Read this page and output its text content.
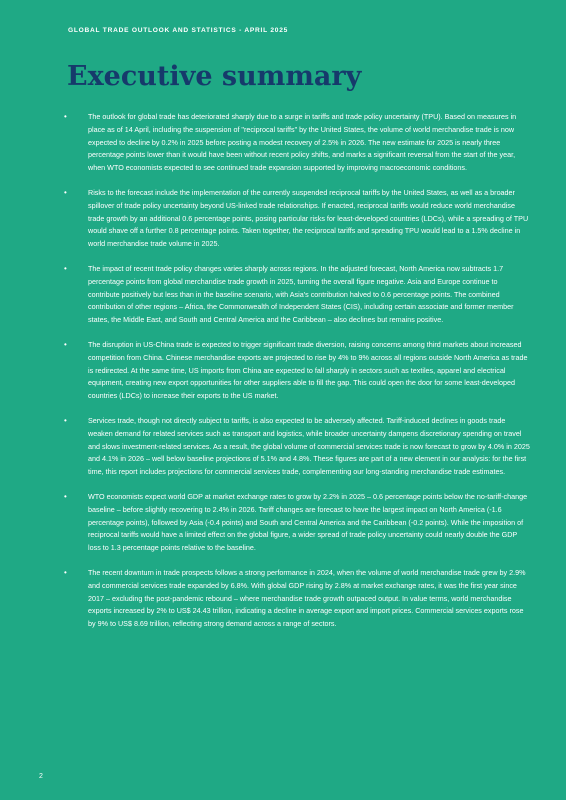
GLOBAL TRADE OUTLOOK AND STATISTICS - APRIL 2025
Executive summary
•	The outlook for global trade has deteriorated sharply due to a surge in tariffs and trade policy uncertainty (TPU). Based on measures in place as of 14 April, including the suspension of "reciprocal tariffs" by the United States, the volume of world merchandise trade is now expected to decline by 0.2% in 2025 before posting a modest recovery of 2.5% in 2026. The new estimate for 2025 is nearly three percentage points lower than it would have been without recent policy shifts, and marks a significant reversal from the start of the year, when WTO economists expected to see continued trade expansion supported by improving macroeconomic conditions.
•	Risks to the forecast include the implementation of the currently suspended reciprocal tariffs by the United States, as well as a broader spillover of trade policy uncertainty beyond US-linked trade relationships. If enacted, reciprocal tariffs would reduce world merchandise trade growth by an additional 0.6 percentage points, posing particular risks for least-developed countries (LDCs), while a spreading of TPU would shave off a further 0.8 percentage points. Taken together, the reciprocal tariffs and spreading TPU would lead to a 1.5% decline in world merchandise trade volume in 2025.
•	The impact of recent trade policy changes varies sharply across regions. In the adjusted forecast, North America now subtracts 1.7 percentage points from global merchandise trade growth in 2025, turning the overall figure negative. Asia and Europe continue to contribute positively but less than in the baseline scenario, with Asia's contribution halved to 0.6 percentage points. The combined contribution of other regions – Africa, the Commonwealth of Independent States (CIS), including certain associate and former member states, the Middle East, and South and Central America and the Caribbean – also declines but remains positive.
•	The disruption in US-China trade is expected to trigger significant trade diversion, raising concerns among third markets about increased competition from China. Chinese merchandise exports are projected to rise by 4% to 9% across all regions outside North America as trade is redirected. At the same time, US imports from China are expected to fall sharply in sectors such as textiles, apparel and electrical equipment, creating new export opportunities for other suppliers able to fill the gap. This could open the door for some least-developed countries (LDCs) to increase their exports to the US market.
•	Services trade, though not directly subject to tariffs, is also expected to be adversely affected. Tariff-induced declines in goods trade weaken demand for related services such as transport and logistics, while broader uncertainty dampens discretionary spending on travel and slows investment-related services. As a result, the global volume of commercial services trade is now forecast to grow by 4.0% in 2025 and 4.1% in 2026 – well below baseline projections of 5.1% and 4.8%. These figures are part of a new element in our analysis: for the first time, this report includes projections for commercial services trade, complementing our long-standing merchandise trade estimates.
•	WTO economists expect world GDP at market exchange rates to grow by 2.2% in 2025 – 0.6 percentage points below the no-tariff-change baseline – before slightly recovering to 2.4% in 2026. Tariff changes are forecast to have the largest impact on North America (-1.6 percentage points), followed by Asia (-0.4 points) and South and Central America and the Caribbean (-0.2 points). While the imposition of reciprocal tariffs would have a limited effect on the global figure, a wider spread of trade policy uncertainty could nearly double the GDP loss to 1.3 percentage points relative to the baseline.
•	The recent downturn in trade prospects follows a strong performance in 2024, when the volume of world merchandise trade grew by 2.9% and commercial services trade expanded by 6.8%. With global GDP rising by 2.8% at market exchange rates, it was the first year since 2017 – excluding the post-pandemic rebound – where merchandise trade growth outpaced output. In value terms, world merchandise exports increased by 2% to US$ 24.43 trillion, indicating a decline in average export and import prices. Commercial services exports rose by 9% to US$ 8.69 trillion, reflecting strong demand across a range of sectors.
2
